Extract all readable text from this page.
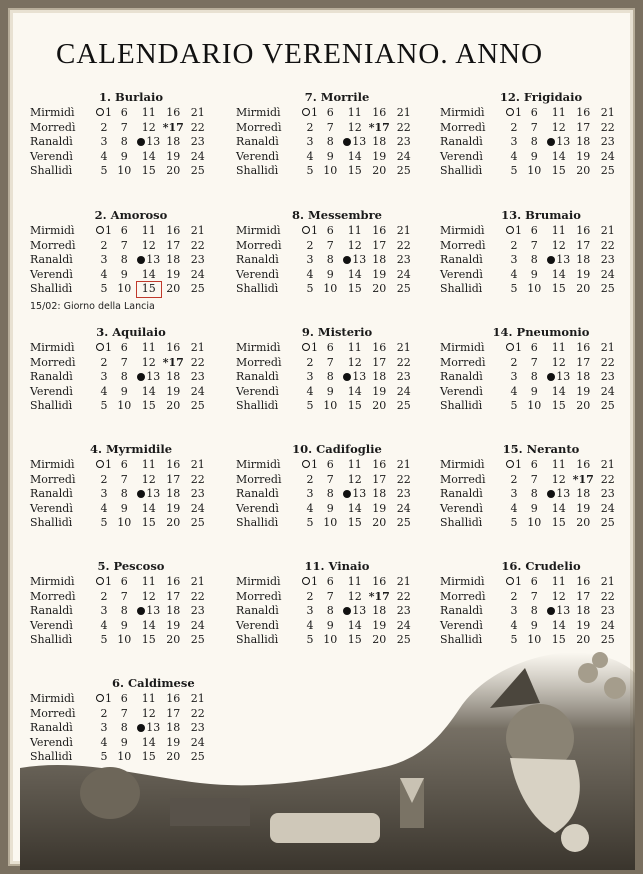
CALENDARIO VERENIANO. ANNO
1. Burlaio
Mirmidì	1 6	11 16 21
Morredì	2	7	12 *17 22
Ranaldì	3	8	13 18 23
Verendì	4	9	14 19 24
Shallidì	5 10 15 20 25
2. Amoroso
Mirmidì	1 6	11 16 21
Morredì	2	7	12 17 22
Ranaldì	3	8	13 18 23
Verendì	4	9	14 19 24
Shallidì	5 10 15 20 25
3. Aquilaio
Mirmidì	1 6	11 16 21
Morredì	2	7	12 *17 22
Ranaldì	3	8	13 18 23
Verendì	4	9	14 19 24
Shallidì	5 10 15 20 25
4. Myrmidile
Mirmidì	1 6	11 16 21
Morredì	2	7	12 17 22
Ranaldì	3	8	13 18 23
Verendì	4	9	14 19 24
Shallidì	5 10 15 20 25
5. Pescoso
Mirmidì	1 6	11 16 21
Morredì	2	7	12 17 22
Ranaldì	3	8	13 18 23
Verendì	4	9	14 19 24
Shallidì	5 10 15 20 25
6. Caldimese
Mirmidì	1 6	11 16 21
Morredì	2	7	12 17 22
Ranaldì	3	8	13 18 23
Verendì	4	9	14 19 24
Shallidì	5 10 15 20 25
7. Morrile
Mirmidì	1 6	11 16 21
Morredì	2	7	12 *17 22
Ranaldì	3	8	13 18 23
Verendì	4	9	14 19 24
Shallidì	5 10 15 20 25
8. Messembre
Mirmidì	1 6	11 16 21
Morredì	2	7	12 17 22
Ranaldì	3	8	13 18 23
Verendì	4	9	14 19 24
Shallidì	5 10 15 20 25
9. Misterio
Mirmidì	1 6	11 16 21
Morredì	2	7	12 17 22
Ranaldì	3	8	13 18 23
Verendì	4	9	14 19 24
Shallidì	5 10 15 20 25
10. Cadifoglie
Mirmidì	1 6	11 16 21
Morredì	2	7	12 17 22
Ranaldì	3	8	13 18 23
Verendì	4	9	14 19 24
Shallidì	5 10 15 20 25
11. Vinaio
Mirmidì	1 6	11 16 21
Morredì	2	7	12 *17 22
Ranaldì	3	8	13 18 23
Verendì	4	9	14 19 24
Shallidì	5 10 15 20 25
12. Frigidaio
Mirmidì	1 6	11 16 21
Morredì	2	7	12 17 22
Ranaldì	3	8	13 18 23
Verendì	4	9	14 19 24
Shallidì	5 10 15 20 25
13. Brumaio
Mirmidì	1 6	11 16 21
Morredì	2	7	12 17 22
Ranaldì	3	8	13 18 23
Verendì	4	9	14 19 24
Shallidì	5 10 15 20 25
14. Pneumonio
Mirmidì	1 6	11 16 21
Morredì	2	7	12 17 22
Ranaldì	3	8	13 18 23
Verendì	4	9	14 19 24
Shallidì	5 10 15 20 25
15. Neranto
Mirmidì	1 6	11 16 21
Morredì	2	7	12 *17 22
Ranaldì	3	8	13 18 23
Verendì	4	9	14 19 24
Shallidì	5 10 15 20 25
16. Crudelio
Mirmidì	1 6	11 16 21
Morredì	2	7	12 17 22
Ranaldì	3	8	13 18 23
Verendì	4	9	14 19 24
Shallidì	5 10 15 20 25
15/02: Giorno della Lancia
